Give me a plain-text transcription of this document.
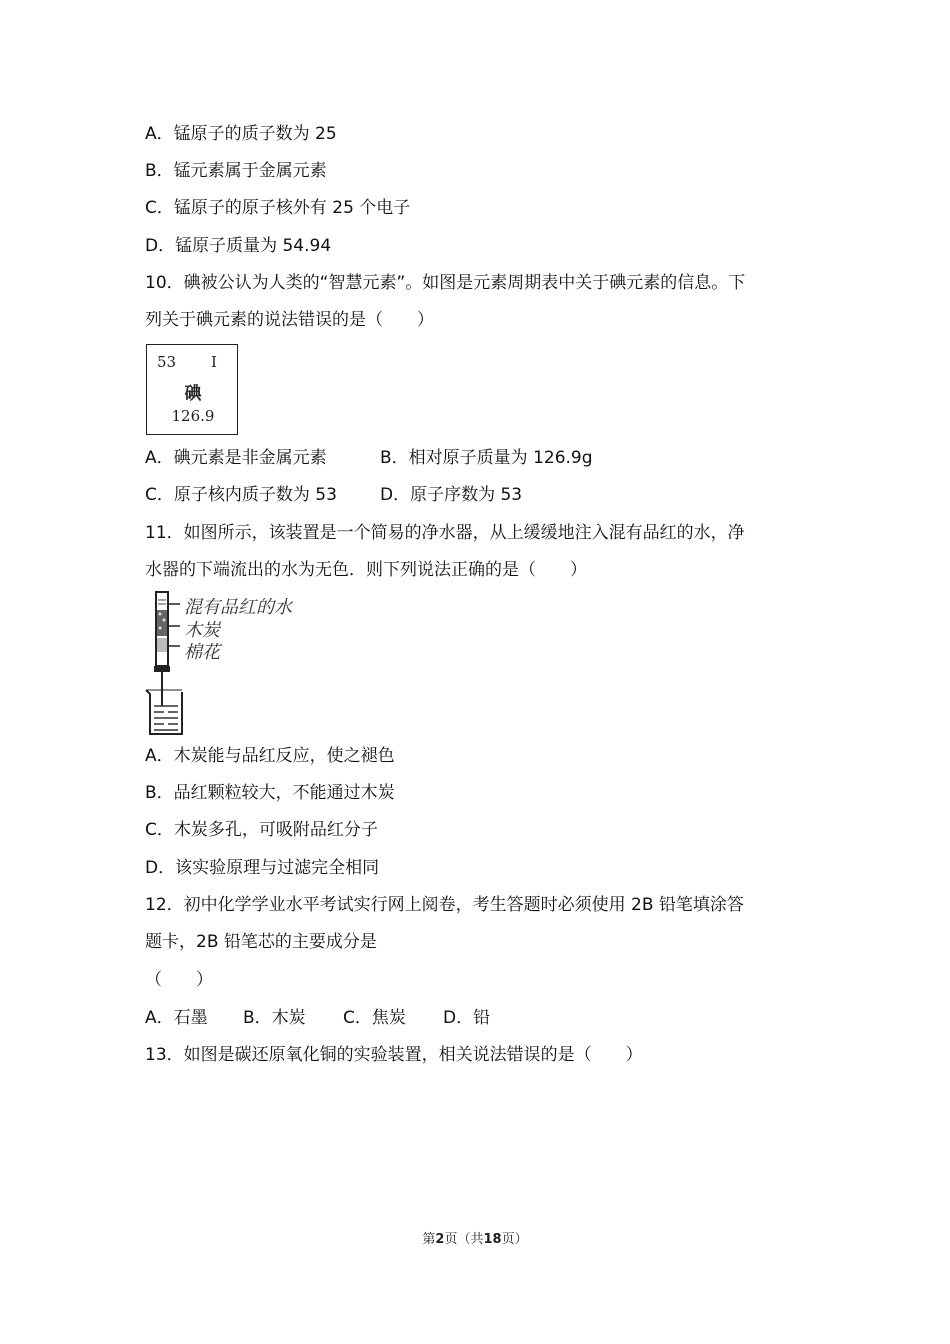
A．锰原子的质子数为 25
B．锰元素属于金属元素
C．锰原子的原子核外有 25 个电子
D．锰原子质量为 54.94
10．碘被公认为人类的“智慧元素”。如图是元素周期表中关于碘元素的信息。下
列关于碘元素的说法错误的是（　　）
53 I
碘
126.9
A．碘元素是非金属元素	B．相对原子质量为 126.9g
C．原子核内质子数为 53	D．原子序数为 53
11．如图所示，该装置是一个简易的净水器，从上缓缓地注入混有品红的水，净
水器的下端流出的水为无色．则下列说法正确的是（　　）
混有品红的水
木炭
棉花
A．木炭能与品红反应，使之褪色
B．品红颗粒较大，不能通过木炭
C．木炭多孔，可吸附品红分子
D．该实验原理与过滤完全相同
12．初中化学学业水平考试实行网上阅卷，考生答题时必须使用 2B 铅笔填涂答
题卡，2B 铅笔芯的主要成分是
（　　）
A．石墨 B．木炭 C．焦炭 D．铅
13．如图是碳还原氧化铜的实验装置，相关说法错误的是（　　）
第2页（共18页）
